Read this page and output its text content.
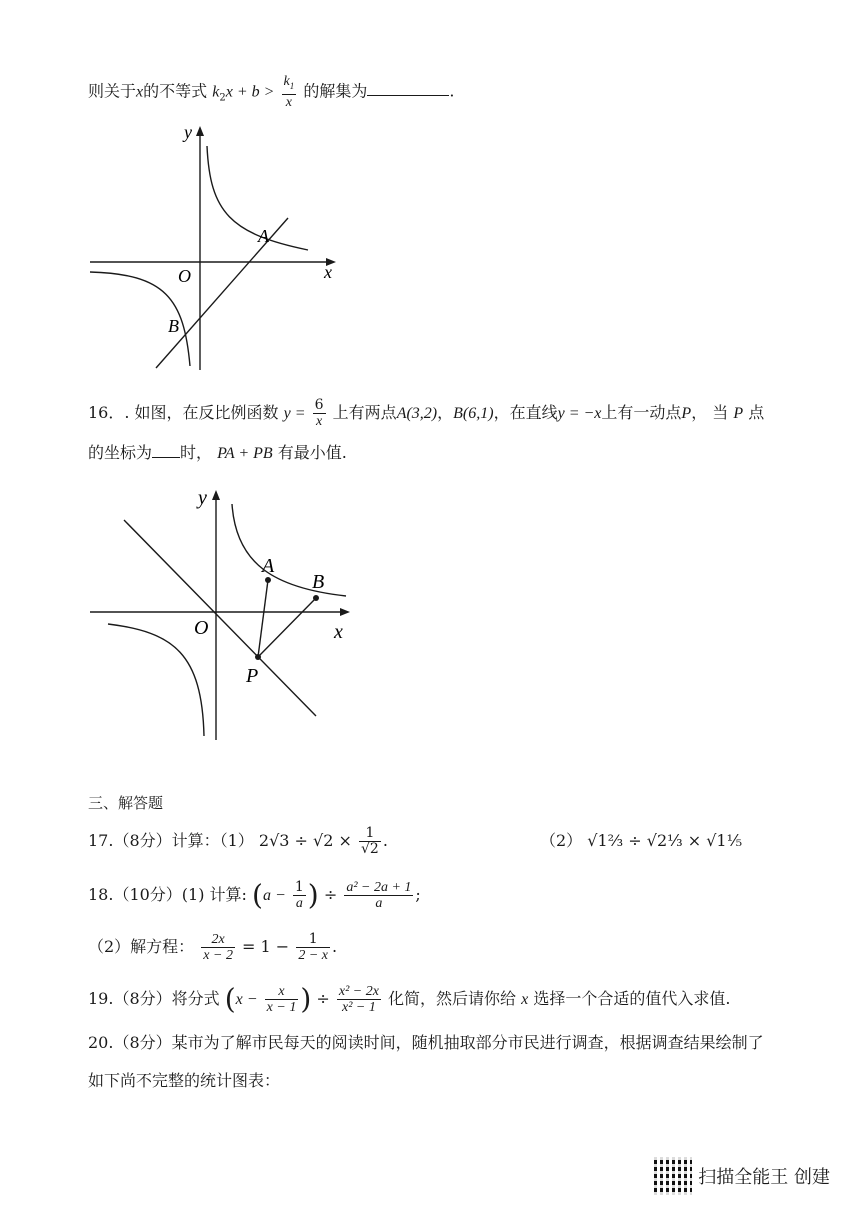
则关于x的不等式 $k_2x + b > \frac{k_1}{x}$ 的解集为	.
y
x
O
A
B
16．. 如图，在反比例函数 $y = \frac{6}{x}$ 上有两点A(3,2)，B(6,1)，在直线y = −x上有一动点P， 当 P 点
的坐标为 时， PA + PB 有最小值.
y
x
O
A
B
P
三、解答题
17.（8分）计算：（1） $2√3 \div √2 \times \frac{1}{√2}$ .	（2） √1⅔ ÷ √2⅓ × √1⅕
18.（10分）(1) 计算: ($a - \frac{1}{a}$ ) ÷ $\frac{\text{a² − 2a + 1}}{a}$ ;
（2）解方程： $\frac{2x}{x - 2} = 1 - \frac{1}{2 - x}$ .
19.（8分）将分式 ($x - \frac{x}{x - 1}$ ) ÷ $\frac{\text{x² − 2x}}{\text{x² − 1}}$ 化简，然后请你给 x 选择一个合适的值代入求值.
20.（8分）某市为了解市民每天的阅读时间，随机抽取部分市民进行调查，根据调查结果绘制了
如下尚不完整的统计图表：
扫描全能王 创建
